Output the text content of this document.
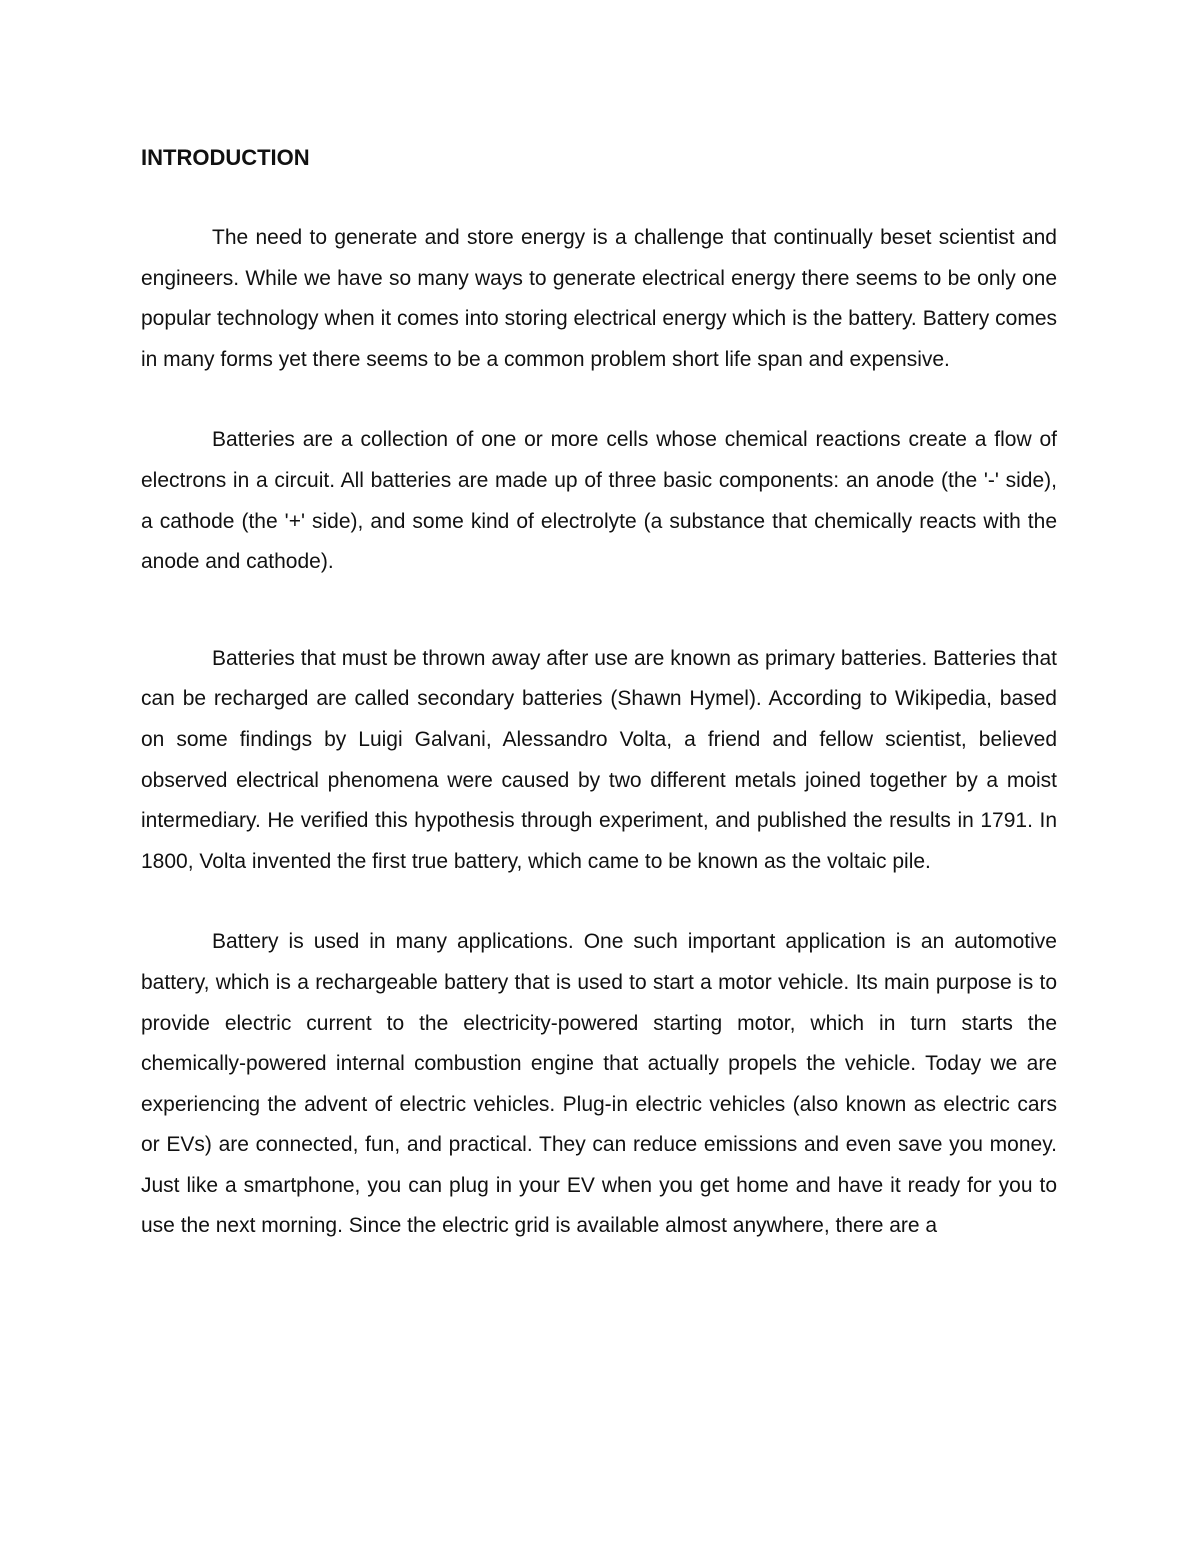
INTRODUCTION

The need to generate and store energy is a challenge that continually beset scientist and engineers. While we have so many ways to generate electrical energy there seems to be only one popular technology when it comes into storing electrical energy which is the battery. Battery comes in many forms yet there seems to be a common problem short life span and expensive.

Batteries are a collection of one or more cells whose chemical reactions create a flow of electrons in a circuit. All batteries are made up of three basic components: an anode (the '-' side), a cathode (the '+' side), and some kind of electrolyte (a substance that chemically reacts with the anode and cathode).

Batteries that must be thrown away after use are known as primary batteries. Batteries that can be recharged are called secondary batteries (Shawn Hymel). According to Wikipedia, based on some findings by Luigi Galvani, Alessandro Volta, a friend and fellow scientist, believed observed electrical phenomena were caused by two different metals joined together by a moist intermediary. He verified this hypothesis through experiment, and published the results in 1791. In 1800, Volta invented the first true battery, which came to be known as the voltaic pile.

Battery is used in many applications. One such important application is an automotive battery, which is a rechargeable battery that is used to start a motor vehicle. Its main purpose is to provide electric current to the electricity-powered starting motor, which in turn starts the chemically-powered internal combustion engine that actually propels the vehicle. Today we are experiencing the advent of electric vehicles. Plug-in electric vehicles (also known as electric cars or EVs) are connected, fun, and practical. They can reduce emissions and even save you money. Just like a smartphone, you can plug in your EV when you get home and have it ready for you to use the next morning. Since the electric grid is available almost anywhere, there are a
